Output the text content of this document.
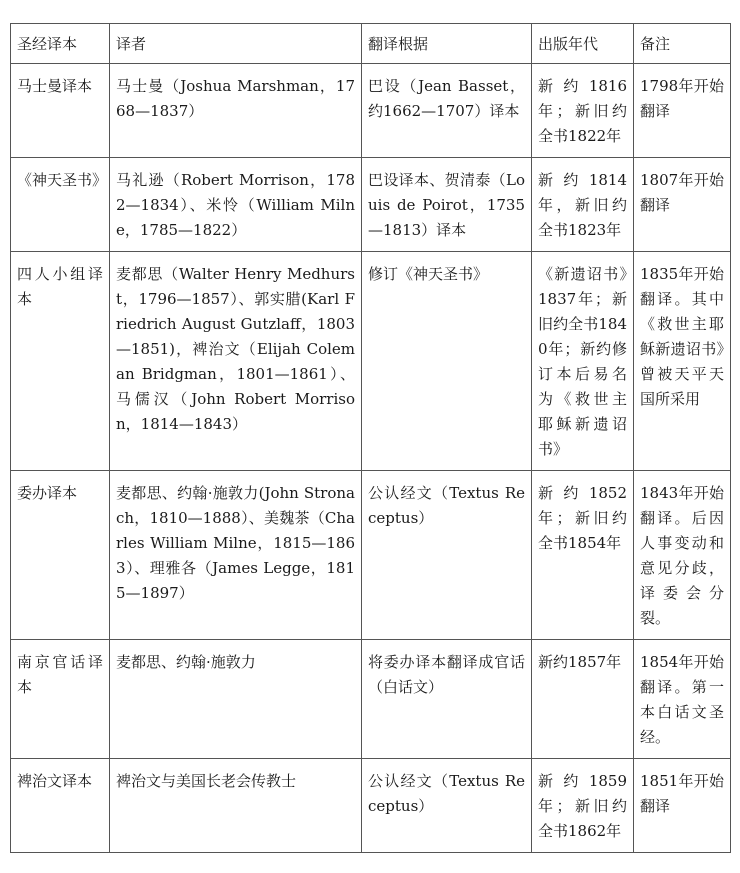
圣经译本	译者	翻译根据	出版年代	备注
马士曼译本	马士曼（Joshua Marshman，1768—1837）	巴设（Jean Basset，约1662—1707）译本	新约1816年；新旧约全书1822年	1798年开始翻译
《神天圣书》	马礼逊（Robert Morrison，1782—1834）、米怜（William Milne，1785—1822）	巴设译本、贺清泰（Louis de Poirot，1735—1813）译本	新约1814年，新旧约全书1823年	1807年开始翻译
四人小组译本	麦都思（Walter Henry Medhurst，1796—1857）、郭实腊(Karl Friedrich August Gutzlaff，1803—1851)，裨治文（Elijah Coleman Bridgman，1801—1861）、马儒汉（John Robert Morrison，1814—1843）	修订《神天圣书》	《新遗诏书》1837年；新旧约全书1840年；新约修订本后易名为《救世主耶稣新遗诏书》	1835年开始翻译。其中《救世主耶稣新遗诏书》曾被天平天国所采用
委办译本	麦都思、约翰·施敦力(John Stronach，1810—1888）、美魏茶（Charles William Milne，1815—1863）、理雅各（James Legge，1815—1897）	公认经文（Textus Receptus）	新约1852年；新旧约全书1854年	1843年开始翻译。后因人事变动和意见分歧，译委会分裂。
南京官话译本	麦都思、约翰·施敦力	将委办译本翻译成官话（白话文）	新约1857年	1854年开始翻译。第一本白话文圣经。
裨治文译本	裨治文与美国长老会传教士	公认经文（Textus Receptus）	新约1859年；新旧约全书1862年	1851年开始翻译
